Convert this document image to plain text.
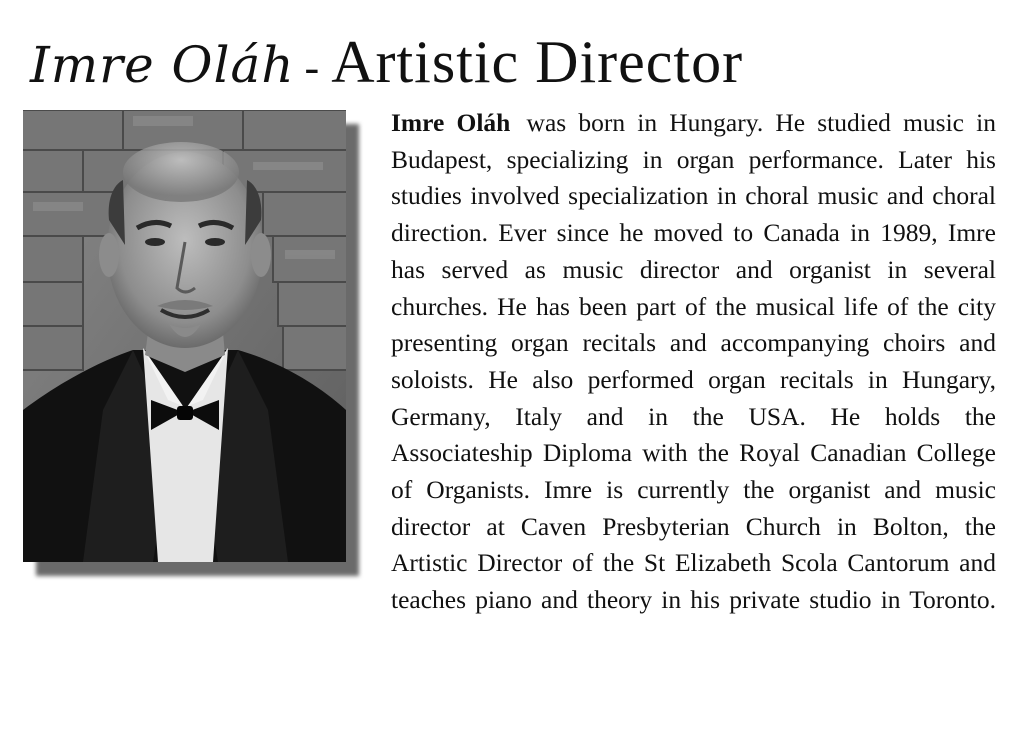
Imre Oláh - Artistic Director

Imre Oláh was born in Hungary. He studied music in Budapest, specializing in organ performance. Later his studies involved specialization in choral music and choral direction. Ever since he moved to Canada in 1989, Imre has served as music director and organist in several churches. He has been part of the musical life of the city presenting organ recitals and accompanying choirs and soloists. He also performed organ recitals in Hungary, Germany, Italy and in the USA. He holds the Associateship Diploma with the Royal Canadian College of Organists. Imre is currently the organist and music director at Caven Presbyterian Church in Bolton, the Artistic Director of the St Elizabeth Scola Cantorum and teaches piano and theory in his private studio in Toronto.
